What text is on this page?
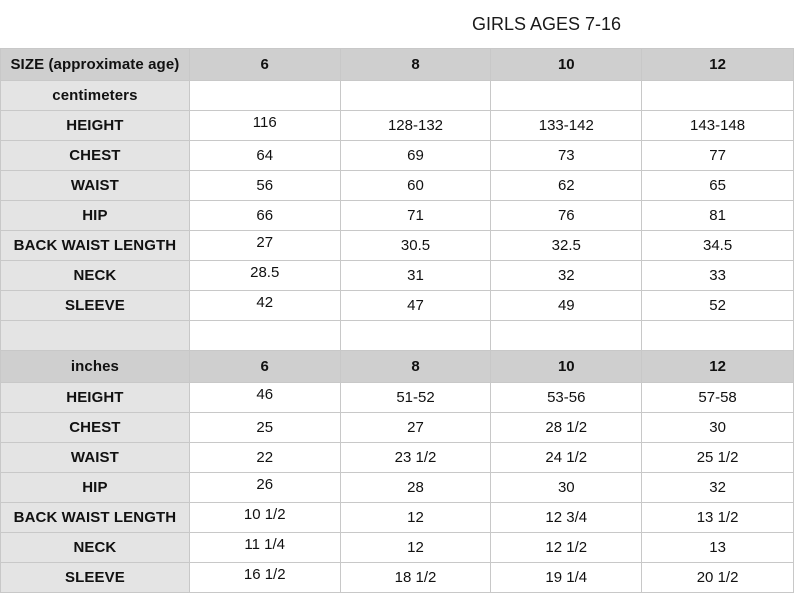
GIRLS AGES 7-16
SIZE (approximate age)	6	8	10	12
centimeters				
HEIGHT	116	128-132	133-142	143-148
CHEST	64	69	73	77
WAIST	56	60	62	65
HIP	66	71	76	81
BACK WAIST LENGTH	27	30.5	32.5	34.5
NECK	28.5	31	32	33
SLEEVE	42	47	49	52

inches	6	8	10	12
HEIGHT	46	51-52	53-56	57-58
CHEST	25	27	28 1/2	30
WAIST	22	23 1/2	24 1/2	25 1/2
HIP	26	28	30	32
BACK WAIST LENGTH	10 1/2	12	12 3/4	13 1/2
NECK	11 1/4	12	12 1/2	13
SLEEVE	16 1/2	18 1/2	19 1/4	20 1/2
